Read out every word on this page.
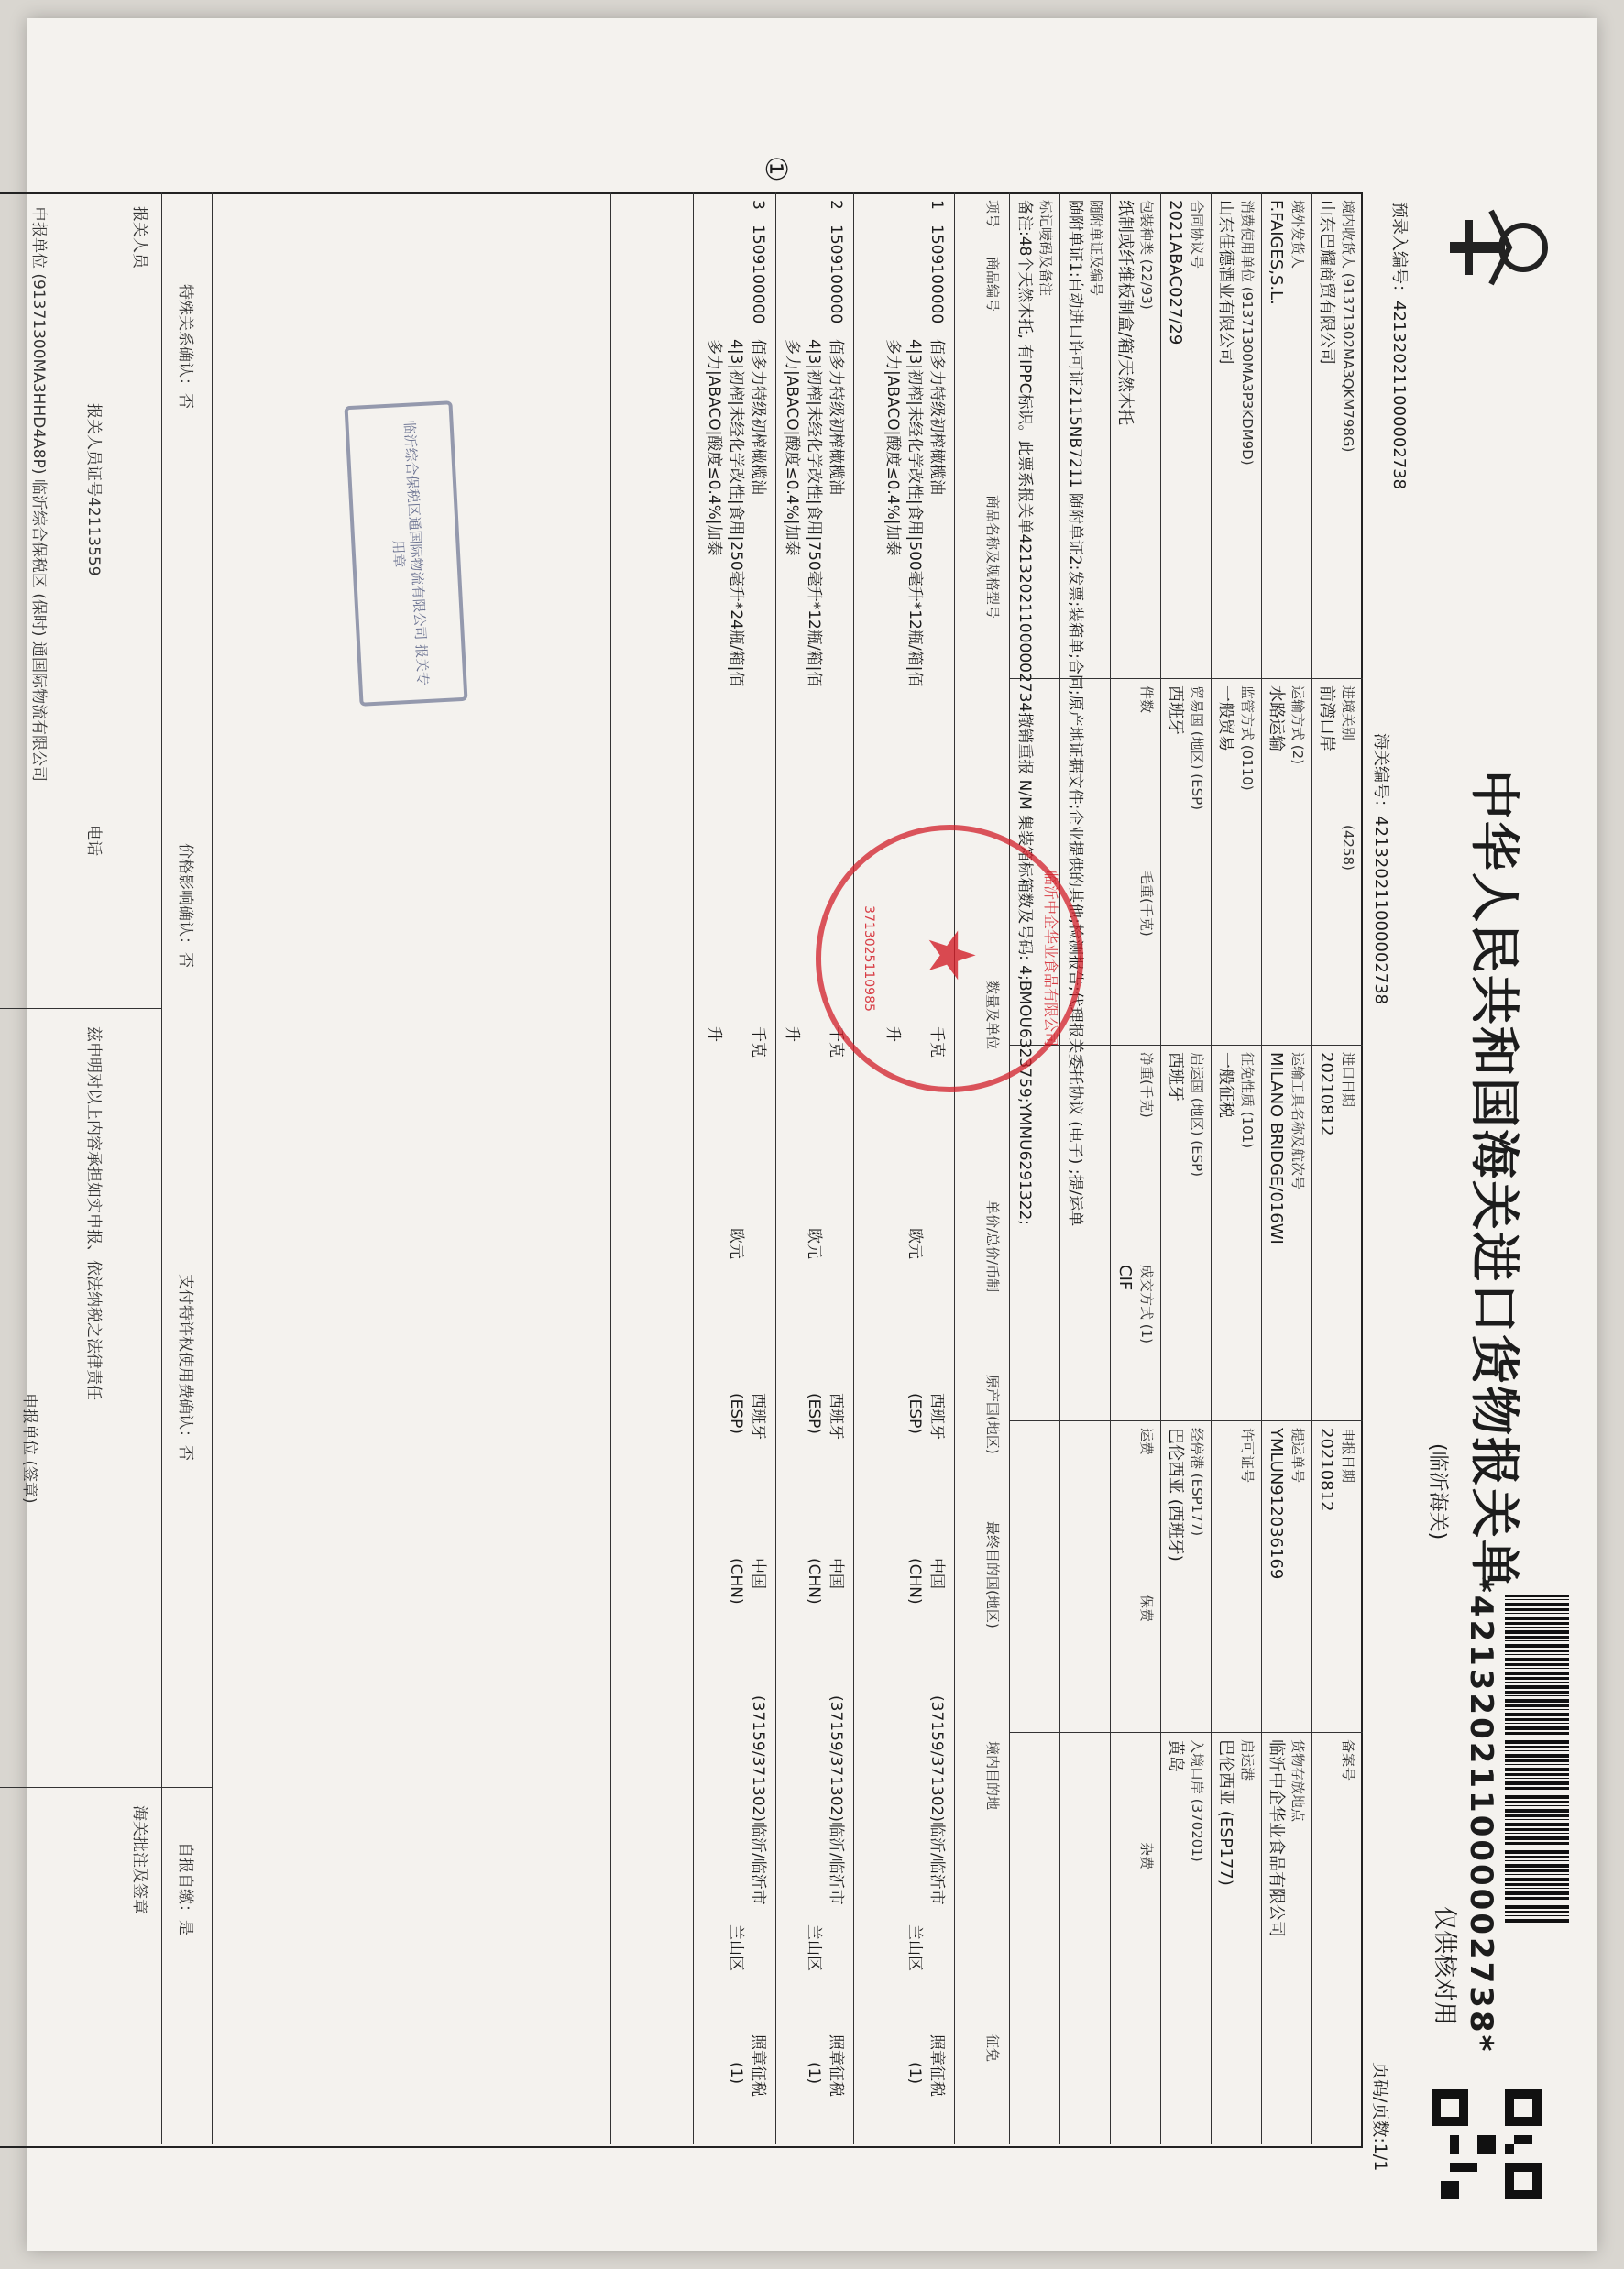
*421320211000002738*
中华人民共和国海关进口货物报关单
(临沂海关)
仅供核对用
页码/页数:1/1
预录入编号：421320211000002738
海关编号：421320211000002738
①
境内收货人 (91371302MA3QKM798G)
山东巴耀商贸有限公司
进境关别
(4258)
前湾口岸
进口日期
20210812
申报日期
20210812
备案号
境外发货人
F.FAIGES,S.L.
运输方式 (2)
水路运输
运输工具名称及航次号
MILANO BRIDGE/016WI
提运单号
YMLUN912036169
货物存放地点
临沂中企华业食品有限公司
消费使用单位 (91371300MA3P3KDM9D)
山东佳德酒业有限公司
监管方式 (0110)
一般贸易
征免性质 (101)
一般征税
许可证号
启运港
巴伦西亚 (ESP177)
合同协议号
2021ABAC027/29
贸易国 (地区) (ESP)
西班牙
启运国 (地区) (ESP)
西班牙
经停港 (ESP177)
巴伦西亚 (西班牙)
入境口岸 (370201)
黄岛
包装种类 (22/93)
纸制或纤维板制盒/箱/天然木托
件数
毛重(千克)
净重(千克)
成交方式 (1)
CIF
运费
保费
杂费
随附单证及编号
随附单证1:自动进口许可证2115NB7211 随附单证2:发票;装箱单;合同;原产地证据文件;企业提供的其他;检测报告;代理报关委托协议 (电子) ;提/运单
标记唛码及备注
备注:48个天然木托, 有IPPC标识。此票系报关单421320211000002734撤销重报 N/M 集装箱标箱数及号码: 4;BMOU6323759;YMMU6291322;
项号
商品编号
商品名称及规格型号
数量及单位
单价/总价/币制
原产国(地区)
最终目的国(地区)
境内目的地
征免
1
1509100000
佰多力特级初榨橄榄油
4|3|初榨|未经化学改性|食用|500毫升*12瓶/箱|佰
多力|ABACO|酸度≤0.4%|加泰
千克
升
欧元
西班牙
(ESP)
中国
(CHN)
(37159/371302)临沂/临沂市
兰山区
照章征税
(1)
2
1509100000
佰多力特级初榨橄榄油
4|3|初榨|未经化学改性|食用|750毫升*12瓶/箱|佰
多力|ABACO|酸度≤0.4%|加泰
千克
升
欧元
西班牙
(ESP)
中国
(CHN)
(37159/371302)临沂/临沂市
兰山区
照章征税
(1)
3
1509100000
佰多力特级初榨橄榄油
4|3|初榨|未经化学改性|食用|250毫升*24瓶/箱|佰
多力|ABACO|酸度≤0.4%|加泰
千克
升
欧元
西班牙
(ESP)
中国
(CHN)
(37159/371302)临沂/临沂市
兰山区
照章征税
(1)
特殊关系确认：否
价格影响确认：否
支付特许权使用费确认：否
自报自缴：是
报关人员
报关人员证号42113559
电话
兹申明对以上内容承担如实申报、依法纳税之法律责任
海关批注及签章
申报单位 (91371300MA3HHD4A8P) 临沂综合保税区 (保时) 通国际物流有限公司
申报单位 (签章)
★	临沂中企华业食品有限公司
3713025110985
临沂综合保税区通国际物流有限公司 报关专用章
